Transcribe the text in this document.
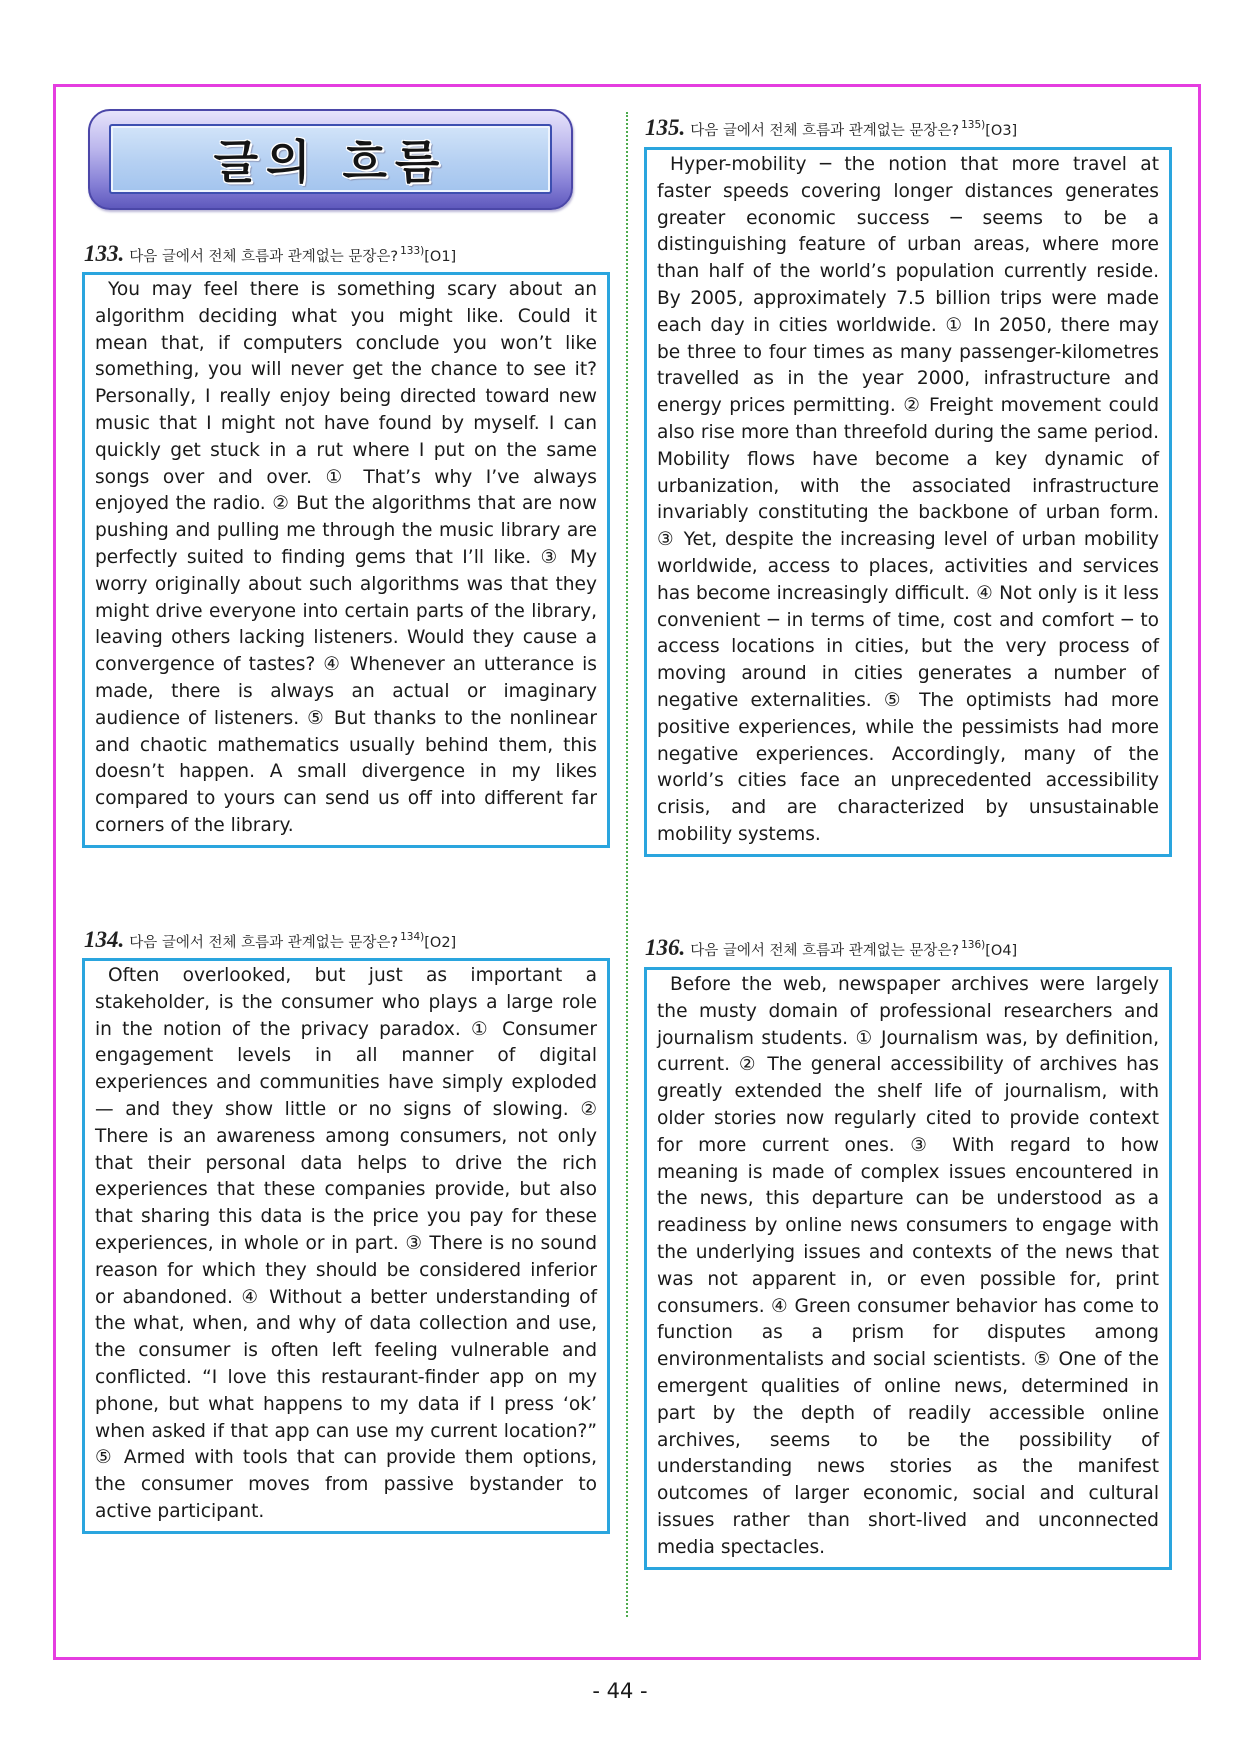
글의 흐름
133. 다음 글에서 전체 흐름과 관계없는 문장은? 133) [O1]

You may feel there is something scary about an algorithm deciding what you might like. Could it mean that, if computers conclude you won’t like something, you will never get the chance to see it? Personally, I really enjoy being directed toward new music that I might not have found by myself. I can quickly get stuck in a rut where I put on the same songs over and over. ① That’s why I’ve always enjoyed the radio. ② But the algorithms that are now pushing and pulling me through the music library are perfectly suited to finding gems that I’ll like. ③ My worry originally about such algorithms was that they might drive everyone into certain parts of the library, leaving others lacking listeners. Would they cause a convergence of tastes? ④ Whenever an utterance is made, there is always an actual or imaginary audience of listeners. ⑤ But thanks to the nonlinear and chaotic mathematics usually behind them, this doesn’t happen. A small divergence in my likes compared to yours can send us off into different far corners of the library.

134. 다음 글에서 전체 흐름과 관계없는 문장은? 134) [O2]

Often overlooked, but just as important a stakeholder, is the consumer who plays a large role in the notion of the privacy paradox. ① Consumer engagement levels in all manner of digital experiences and communities have simply exploded — and they show little or no signs of slowing. ② There is an awareness among consumers, not only that their personal data helps to drive the rich experiences that these companies provide, but also that sharing this data is the price you pay for these experiences, in whole or in part. ③ There is no sound reason for which they should be considered inferior or abandoned. ④ Without a better understanding of the what, when, and why of data collection and use, the consumer is often left feeling vulnerable and conflicted. “I love this restaurant-finder app on my phone, but what happens to my data if I press ‘ok’ when asked if that app can use my current location?” ⑤ Armed with tools that can provide them options, the consumer moves from passive bystander to active participant.

135. 다음 글에서 전체 흐름과 관계없는 문장은? 135) [O3]

Hyper-mobility ─ the notion that more travel at faster speeds covering longer distances generates greater economic success ─ seems to be a distinguishing feature of urban areas, where more than half of the world’s population currently reside. By 2005, approximately 7.5 billion trips were made each day in cities worldwide. ① In 2050, there may be three to four times as many passenger-kilometres travelled as in the year 2000, infrastructure and energy prices permitting. ② Freight movement could also rise more than threefold during the same period. Mobility flows have become a key dynamic of urbanization, with the associated infrastructure invariably constituting the backbone of urban form. ③ Yet, despite the increasing level of urban mobility worldwide, access to places, activities and services has become increasingly difficult. ④ Not only is it less convenient ─ in terms of time, cost and comfort ─ to access locations in cities, but the very process of moving around in cities generates a number of negative externalities. ⑤ The optimists had more positive experiences, while the pessimists had more negative experiences. Accordingly, many of the world’s cities face an unprecedented accessibility crisis, and are characterized by unsustainable mobility systems.

136. 다음 글에서 전체 흐름과 관계없는 문장은? 136) [O4]

Before the web, newspaper archives were largely the musty domain of professional researchers and journalism students. ① Journalism was, by definition, current. ② The general accessibility of archives has greatly extended the shelf life of journalism, with older stories now regularly cited to provide context for more current ones. ③ With regard to how meaning is made of complex issues encountered in the news, this departure can be understood as a readiness by online news consumers to engage with the underlying issues and contexts of the news that was not apparent in, or even possible for, print consumers. ④ Green consumer behavior has come to function as a prism for disputes among environmentalists and social scientists. ⑤ One of the emergent qualities of online news, determined in part by the depth of readily accessible online archives, seems to be the possibility of understanding news stories as the manifest outcomes of larger economic, social and cultural issues rather than short-lived and unconnected media spectacles.

- 44 -
